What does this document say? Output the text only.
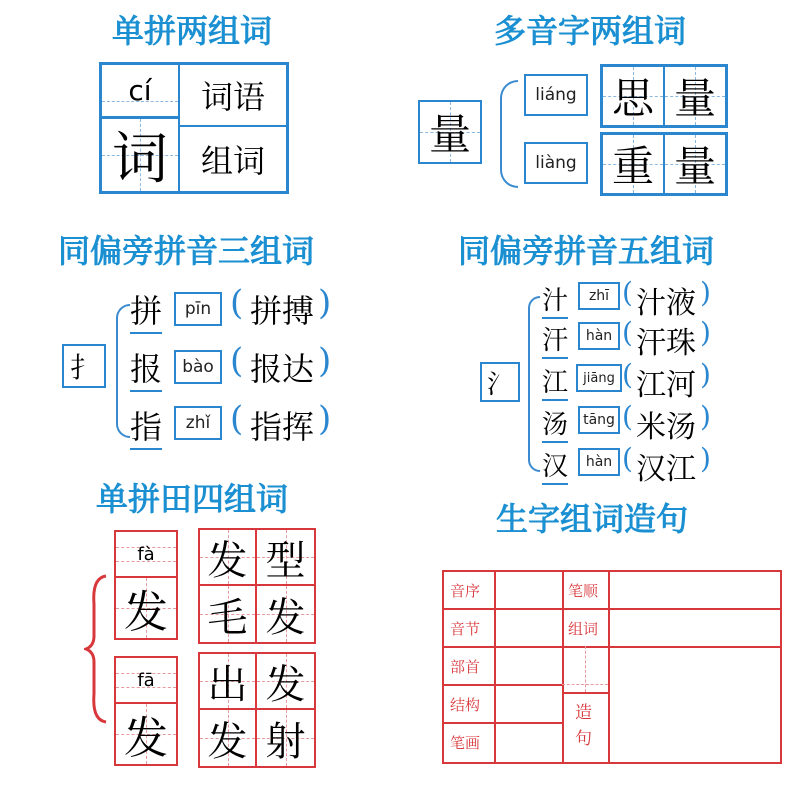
单拼两组词
cí
词
词语
组词
多音字两组词
量
liáng
liàng
思 量
重 量
同偏旁拼音三组词
扌
拼 pīn ( 拼搏 )
报 bào ( 报达 )
指 zhǐ ( 指挥 )
同偏旁拼音五组词
氵
汁 zhī ( 汁液 )
汗 hàn ( 汗珠 )
江 jiāng ( 江河 )
汤 tāng ( 米汤 )
汉 hàn ( 汉江 )
单拼田四组词
fà
发
fā
发
发 型
毛 发
出 发
发 射
生字组词造句
音序
音节
部首
结构
笔画
笔顺
组词
造句
